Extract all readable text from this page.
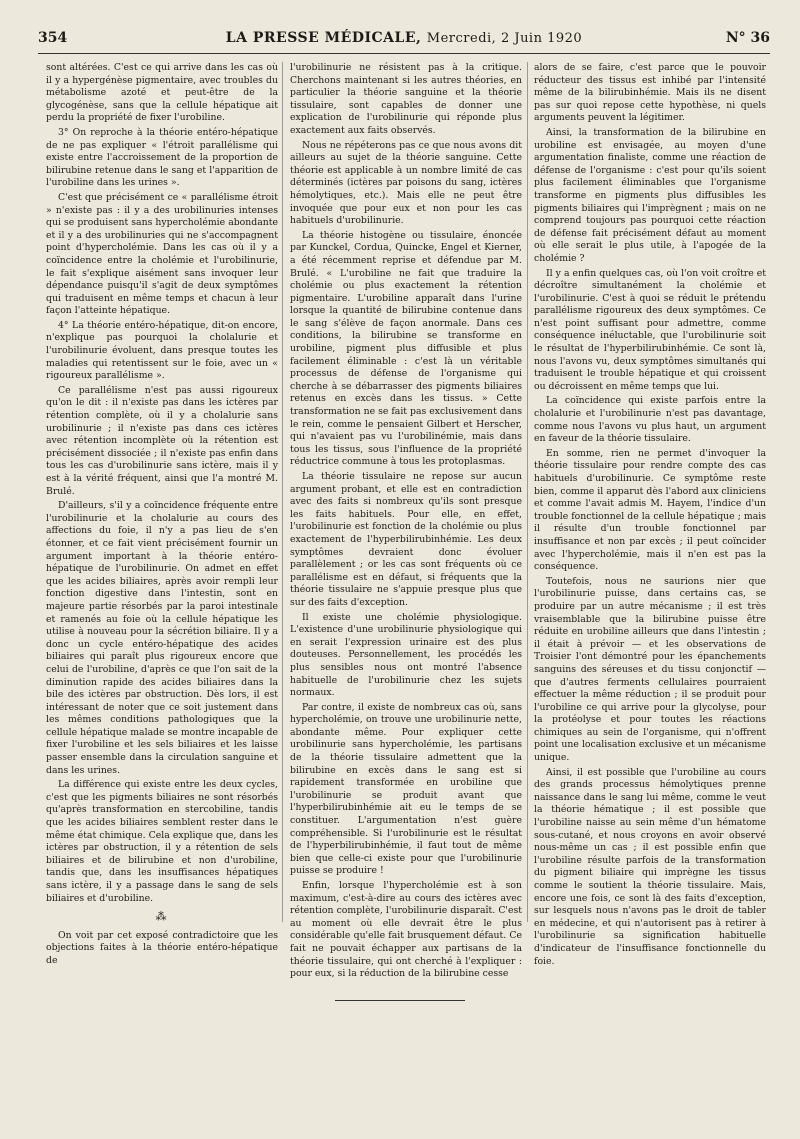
354	LA PRESSE MÉDICALE, Mercredi, 2 Juin 1920	N° 36

sont altérées. C'est ce qui arrive dans les cas où il y a hypergénèse pigmentaire, avec troubles du métabolisme azoté et peut-être de la glycogénèse, sans que la cellule hépatique ait perdu la propriété de fixer l'urobiline.

3° On reproche à la théorie entéro-hépatique de ne pas expliquer « l'étroit parallélisme qui existe entre l'accroissement de la proportion de bilirubine retenue dans le sang et l'apparition de l'urobiline dans les urines ».

C'est que précisément ce « parallélisme étroit » n'existe pas : il y a des urobilinuries intenses qui se produisent sans hypercholémie abondante et il y a des urobilinuries qui ne s'accompagnent point d'hypercholémie. Dans les cas où il y a coïncidence entre la cholémie et l'urobilinurie, le fait s'explique aisément sans invoquer leur dépendance puisqu'il s'agit de deux symptômes qui traduisent en même temps et chacun à leur façon l'atteinte hépatique.

4° La théorie entéro-hépatique, dit-on encore, n'explique pas pourquoi la cholalurie et l'urobilinurie évoluent, dans presque toutes les maladies qui retentissent sur le foie, avec un « rigoureux parallélisme ».

Ce parallélisme n'est pas aussi rigoureux qu'on le dit : il n'existe pas dans les ictères par rétention complète, où il y a cholalurie sans urobilinurie ; il n'existe pas dans ces ictères avec rétention incomplète où la rétention est précisément dissociée ; il n'existe pas enfin dans tous les cas d'urobilinurie sans ictère, mais il y est à la vérité fréquent, ainsi que l'a montré M. Brulé.

D'ailleurs, s'il y a coïncidence fréquente entre l'urobilinurie et la cholalurie au cours des affections du foie, il n'y a pas lieu de s'en étonner, et ce fait vient précisément fournir un argument important à la théorie entéro-hépatique de l'urobilinurie. On admet en effet que les acides biliaires, après avoir rempli leur fonction digestive dans l'intestin, sont en majeure partie résorbés par la paroi intestinale et ramenés au foie où la cellule hépatique les utilise à nouveau pour la sécrétion biliaire. Il y a donc un cycle entéro-hépatique des acides biliaires qui paraît plus rigoureux encore que celui de l'urobiline, d'après ce que l'on sait de la diminution rapide des acides biliaires dans la bile des ictères par obstruction. Dès lors, il est intéressant de noter que ce soit justement dans les mêmes conditions pathologiques que la cellule hépatique malade se montre incapable de fixer l'urobiline et les sels biliaires et les laisse passer ensemble dans la circulation sanguine et dans les urines.

La différence qui existe entre les deux cycles, c'est que les pigments biliaires ne sont résorbés qu'après transformation en stercobiline, tandis que les acides biliaires semblent rester dans le même état chimique. Cela explique que, dans les ictères par obstruction, il y a rétention de sels biliaires et de bilirubine et non d'urobiline, tandis que, dans les insuffisances hépatiques sans ictère, il y a passage dans le sang de sels biliaires et d'urobiline.

⁂

On voit par cet exposé contradictoire que les objections faites à la théorie entéro-hépatique de

l'urobilinurie ne résistent pas à la critique. Cherchons maintenant si les autres théories, en particulier la théorie sanguine et la théorie tissulaire, sont capables de donner une explication de l'urobilinurie qui réponde plus exactement aux faits observés.

Nous ne répéterons pas ce que nous avons dit ailleurs au sujet de la théorie sanguine. Cette théorie est applicable à un nombre limité de cas déterminés (ictères par poisons du sang, ictères hémolytiques, etc.). Mais elle ne peut être invoquée que pour eux et non pour les cas habituels d'urobilinurie.

La théorie histogène ou tissulaire, énoncée par Kunckel, Cordua, Quincke, Engel et Kierner, a été récemment reprise et défendue par M. Brulé. « L'urobiline ne fait que traduire la cholémie ou plus exactement la rétention pigmentaire. L'urobiline apparaît dans l'urine lorsque la quantité de bilirubine contenue dans le sang s'élève de façon anormale. Dans ces conditions, la bilirubine se transforme en urobiline, pigment plus diffusible et plus facilement éliminable : c'est là un véritable processus de défense de l'organisme qui cherche à se débarrasser des pigments biliaires retenus en excès dans les tissus. » Cette transformation ne se fait pas exclusivement dans le rein, comme le pensaient Gilbert et Herscher, qui n'avaient pas vu l'urobilinémie, mais dans tous les tissus, sous l'influence de la propriété réductrice commune à tous les protoplasmas.

La théorie tissulaire ne repose sur aucun argument probant, et elle est en contradiction avec des faits si nombreux qu'ils sont presque les faits habituels. Pour elle, en effet, l'urobilinurie est fonction de la cholémie ou plus exactement de l'hyperbilirubinhémie. Les deux symptômes devraient donc évoluer parallèlement ; or les cas sont fréquents où ce parallélisme est en défaut, si fréquents que la théorie tissulaire ne s'appuie presque plus que sur des faits d'exception.

Il existe une cholémie physiologique. L'existence d'une urobilinurie physiologique qui en serait l'expression urinaire est des plus douteuses. Personnellement, les procédés les plus sensibles nous ont montré l'absence habituelle de l'urobilinurie chez les sujets normaux.

Par contre, il existe de nombreux cas où, sans hypercholémie, on trouve une urobilinurie nette, abondante même. Pour expliquer cette urobilinurie sans hypercholémie, les partisans de la théorie tissulaire admettent que la bilirubine en excès dans le sang est si rapidement transformée en urobiline que l'urobilinurie se produit avant que l'hyperbilirubinhémie ait eu le temps de se constituer. L'argumentation n'est guère compréhensible. Si l'urobilinurie est le résultat de l'hyperbilirubinhémie, il faut tout de même bien que celle-ci existe pour que l'urobilinurie puisse se produire !

Enfin, lorsque l'hypercholémie est à son maximum, c'est-à-dire au cours des ictères avec rétention complète, l'urobilinurie disparaît. C'est au moment où elle devrait être le plus considérable qu'elle fait brusquement défaut. Ce fait ne pouvait échapper aux partisans de la théorie tissulaire, qui ont cherché à l'expliquer : pour eux, si la réduction de la bilirubine cesse

alors de se faire, c'est parce que le pouvoir réducteur des tissus est inhibé par l'intensité même de la bilirubinhémie. Mais ils ne disent pas sur quoi repose cette hypothèse, ni quels arguments peuvent la légitimer.

Ainsi, la transformation de la bilirubine en urobiline est envisagée, au moyen d'une argumentation finaliste, comme une réaction de défense de l'organisme : c'est pour qu'ils soient plus facilement éliminables que l'organisme transforme en pigments plus diffusibles les pigments biliaires qui l'imprègnent ; mais on ne comprend toujours pas pourquoi cette réaction de défense fait précisément défaut au moment où elle serait le plus utile, à l'apogée de la cholémie ?

Il y a enfin quelques cas, où l'on voit croître et décroître simultanément la cholémie et l'urobilinurie. C'est à quoi se réduit le prétendu parallélisme rigoureux des deux symptômes. Ce n'est point suffisant pour admettre, comme conséquence inéluctable, que l'urobilinurie soit le résultat de l'hyperbilirubinhémie. Ce sont là, nous l'avons vu, deux symptômes simultanés qui traduisent le trouble hépatique et qui croissent ou décroissent en même temps que lui.

La coïncidence qui existe parfois entre la cholalurie et l'urobilinurie n'est pas davantage, comme nous l'avons vu plus haut, un argument en faveur de la théorie tissulaire.

En somme, rien ne permet d'invoquer la théorie tissulaire pour rendre compte des cas habituels d'urobilinurie. Ce symptôme reste bien, comme il apparut dès l'abord aux cliniciens et comme l'avait admis M. Hayem, l'indice d'un trouble fonctionnel de la cellule hépatique ; mais il résulte d'un trouble fonctionnel par insuffisance et non par excès ; il peut coïncider avec l'hypercholémie, mais il n'en est pas la conséquence.

Toutefois, nous ne saurions nier que l'urobilinurie puisse, dans certains cas, se produire par un autre mécanisme ; il est très vraisemblable que la bilirubine puisse être réduite en urobiline ailleurs que dans l'intestin ; il était à prévoir — et les observations de Troisier l'ont démontré pour les épanchements sanguins des séreuses et du tissu conjonctif — que d'autres ferments cellulaires pourraient effectuer la même réduction ; il se produit pour l'urobiline ce qui arrive pour la glycolyse, pour la protéolyse et pour toutes les réactions chimiques au sein de l'organisme, qui n'offrent point une localisation exclusive et un mécanisme unique.

Ainsi, il est possible que l'urobiline au cours des grands processus hémolytiques prenne naissance dans le sang lui même, comme le veut la théorie hématique ; il est possible que l'urobiline naisse au sein même d'un hématome sous-cutané, et nous croyons en avoir observé nous-même un cas ; il est possible enfin que l'urobiline résulte parfois de la transformation du pigment biliaire qui imprègne les tissus comme le soutient la théorie tissulaire. Mais, encore une fois, ce sont là des faits d'exception, sur lesquels nous n'avons pas le droit de tabler en médecine, et qui n'autorisent pas à retirer à l'urobilinurie sa signification habituelle d'indicateur de l'insuffisance fonctionnelle du foie.
